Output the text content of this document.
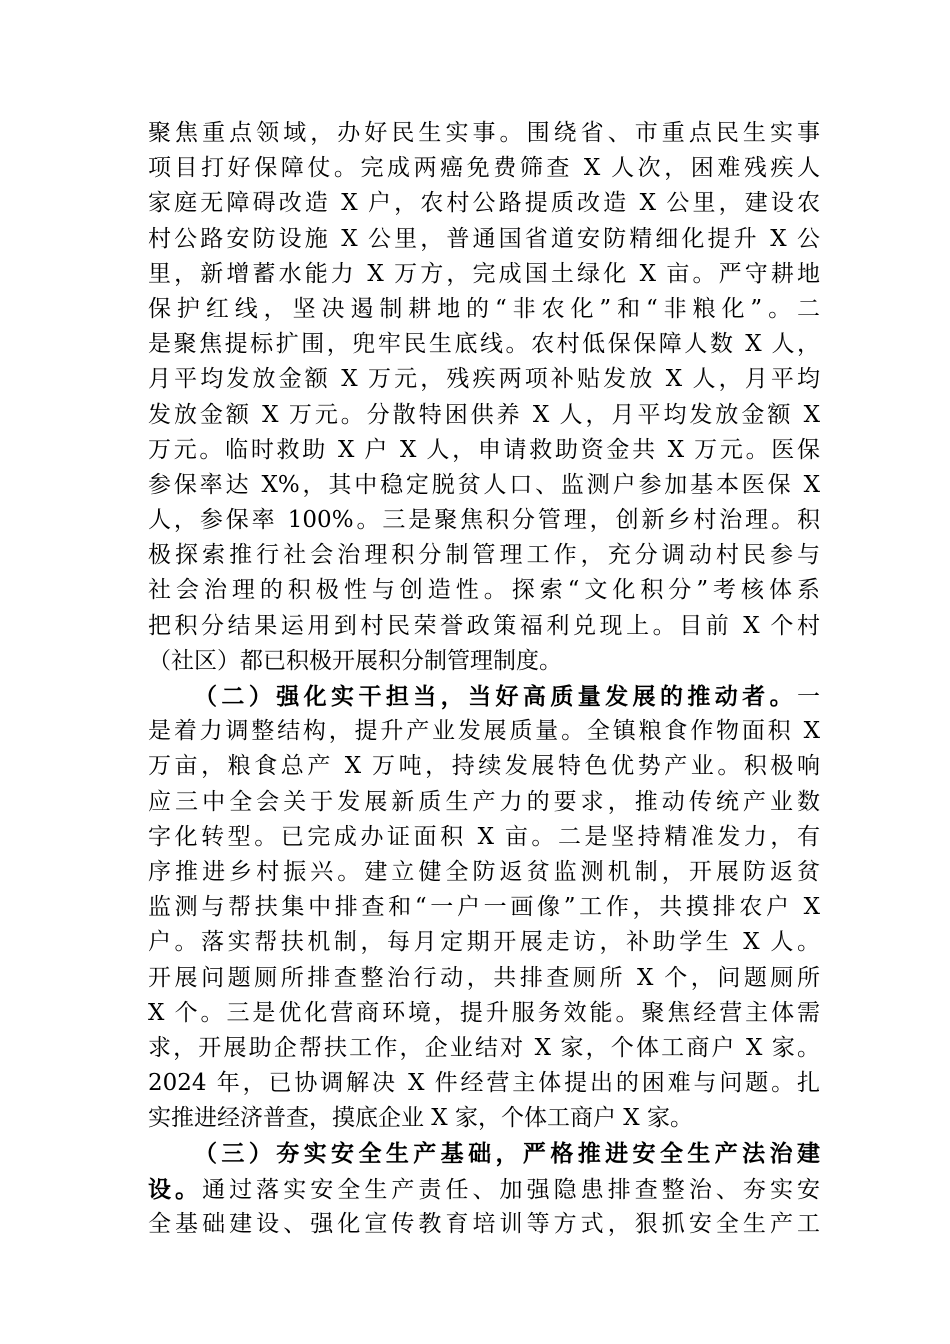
聚焦重点领域，办好民生实事。围绕省、市重点民生实事
项目打好保障仗。完成两癌免费筛查 X 人次，困难残疾人
家庭无障碍改造 X 户，农村公路提质改造 X 公里，建设农
村公路安防设施 X 公里，普通国省道安防精细化提升 X 公
里，新增蓄水能力 X 万方，完成国土绿化 X 亩。严守耕地
保护红线，坚决遏制耕地的“非农化”和“非粮化”。二
是聚焦提标扩围，兜牢民生底线。农村低保保障人数 X 人，
月平均发放金额 X 万元，残疾两项补贴发放 X 人，月平均
发放金额 X 万元。分散特困供养 X 人，月平均发放金额 X
万元。临时救助 X 户 X 人，申请救助资金共 X 万元。医保
参保率达 X%，其中稳定脱贫人口、监测户参加基本医保 X
人，参保率 100%。三是聚焦积分管理，创新乡村治理。积
极探索推行社会治理积分制管理工作，充分调动村民参与
社会治理的积极性与创造性。探索“文化积分”考核体系
把积分结果运用到村民荣誉政策福利兑现上。目前 X 个村
（社区）都已积极开展积分制管理制度。
（二）强化实干担当，当好高质量发展的推动者。一
是着力调整结构，提升产业发展质量。全镇粮食作物面积 X
万亩，粮食总产 X 万吨，持续发展特色优势产业。积极响
应三中全会关于发展新质生产力的要求，推动传统产业数
字化转型。已完成办证面积 X 亩。二是坚持精准发力，有
序推进乡村振兴。建立健全防返贫监测机制，开展防返贫
监测与帮扶集中排查和“一户一画像”工作，共摸排农户 X
户。落实帮扶机制，每月定期开展走访，补助学生 X 人。
开展问题厕所排查整治行动，共排查厕所 X 个，问题厕所
X 个。三是优化营商环境，提升服务效能。聚焦经营主体需
求，开展助企帮扶工作，企业结对 X 家，个体工商户 X 家。
2024 年，已协调解决 X 件经营主体提出的困难与问题。扎
实推进经济普查，摸底企业 X 家，个体工商户 X 家。
（三）夯实安全生产基础，严格推进安全生产法治建
设。通过落实安全生产责任、加强隐患排查整治、夯实安
全基础建设、强化宣传教育培训等方式，狠抓安全生产工
